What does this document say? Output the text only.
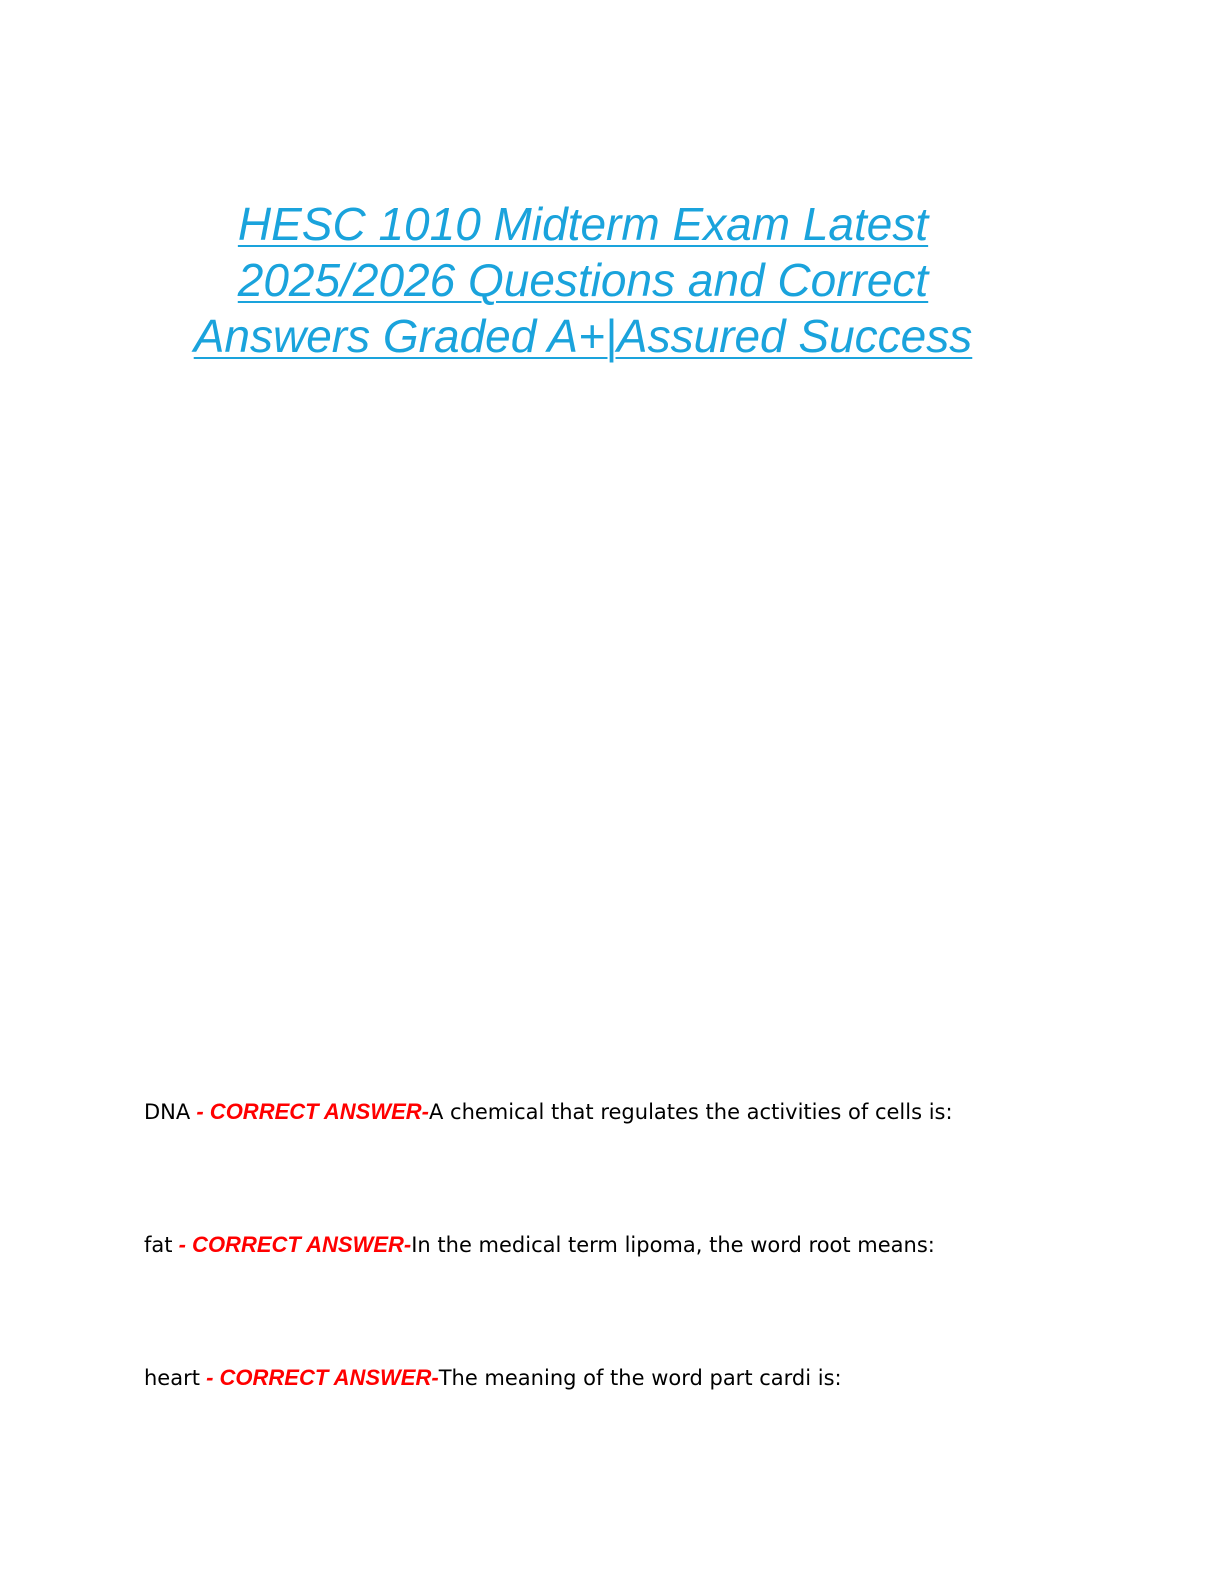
HESC 1010 Midterm Exam Latest
2025/2026 Questions and Correct
Answers Graded A+|Assured Success
DNA - CORRECT ANSWER-A chemical that regulates the activities of cells is:
fat - CORRECT ANSWER-In the medical term lipoma, the word root means:
heart - CORRECT ANSWER-The meaning of the word part cardi is:
